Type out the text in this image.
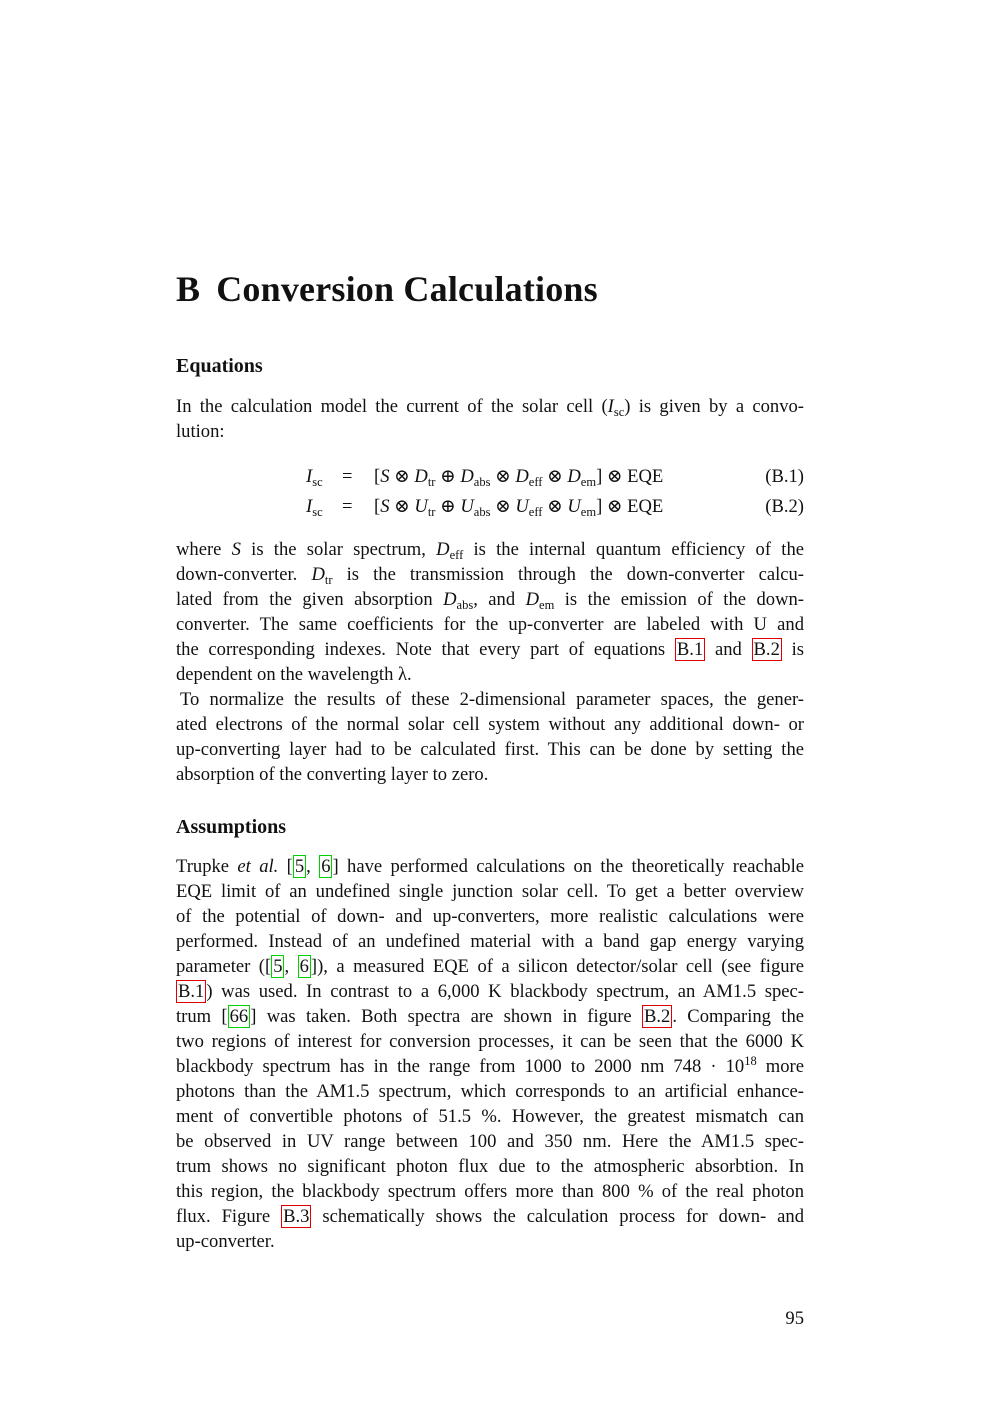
B Conversion Calculations
Equations
In the calculation model the current of the solar cell $(I_{sc})$ is given by a convo-
lution:
$I_{sc} = [S$ ⊗ $D_{tr}$ ⊕ $D_{abs}$ ⊗ $D_{eff}$ ⊗ $D_{em}$] ⊗ EQE	(B.1)
$I_{sc} = [S$ ⊗ $U_{tr}$ ⊕ $U_{abs}$ ⊗ $U_{eff}$ ⊗ $U_{em}$] ⊗ EQE	(B.2)
where S is the solar spectrum, $D_{eff}$ is the internal quantum efficiency of the
down-converter. $D_{tr}$ is the transmission through the down-converter calcu-
lated from the given absorption $D_{abs}$, and $D_{em}$ is the emission of the down-
converter. The same coefficients for the up-converter are labeled with U and
the corresponding indexes. Note that every part of equations B.1 and B.2 is
dependent on the wavelength λ.
To normalize the results of these 2-dimensional parameter spaces, the gener-
ated electrons of the normal solar cell system without any additional down- or
up-converting layer had to be calculated first. This can be done by setting the
absorption of the converting layer to zero.
Assumptions
Trupke et al. [ 5 , 6 ] have performed calculations on the theoretically reachable
EQE limit of an undefined single junction solar cell. To get a better overview
of the potential of down- and up-converters, more realistic calculations were
performed. Instead of an undefined material with a band gap energy varying
parameter ([ 5 , 6 ]), a measured EQE of a silicon detector/solar cell (see figure
B.1 ) was used. In contrast to a 6,000 K blackbody spectrum, an AM1.5 spec-
trum [ 66 ] was taken. Both spectra are shown in figure B.2 . Comparing the
two regions of interest for conversion processes, it can be seen that the 6000 K
blackbody spectrum has in the range from 1000 to 2000 nm $748 \cdot 10^{18}$ more
photons than the AM1.5 spectrum, which corresponds to an artificial enhance-
ment of convertible photons of 51.5 %. However, the greatest mismatch can
be observed in UV range between 100 and 350 nm. Here the AM1.5 spec-
trum shows no significant photon flux due to the atmospheric absorbtion. In
this region, the blackbody spectrum offers more than 800 % of the real photon
flux. Figure B.3 schematically shows the calculation process for down- and
up-converter.
95
